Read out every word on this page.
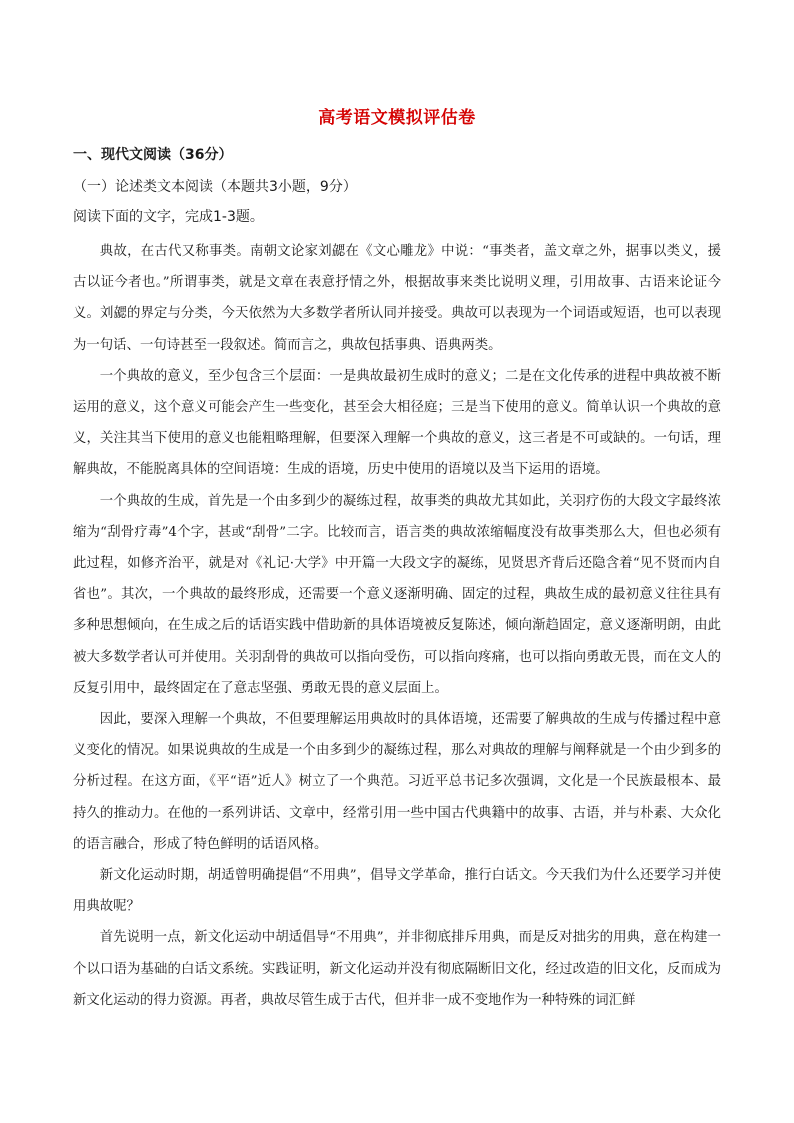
高考语文模拟评估卷
一、现代文阅读（36分）
（一）论述类文本阅读（本题共3小题，9分）
阅读下面的文字，完成1-3题。

典故，在古代又称事类。南朝文论家刘勰在《文心雕龙》中说：“事类者，盖文章之外，据事以类义，援古以证今者也。”所谓事类，就是文章在表意抒情之外，根据故事来类比说明义理，引用故事、古语来论证今义。刘勰的界定与分类，今天依然为大多数学者所认同并接受。典故可以表现为一个词语或短语，也可以表现为一句话、一句诗甚至一段叙述。简而言之，典故包括事典、语典两类。

一个典故的意义，至少包含三个层面：一是典故最初生成时的意义；二是在文化传承的进程中典故被不断运用的意义，这个意义可能会产生一些变化，甚至会大相径庭；三是当下使用的意义。简单认识一个典故的意义，关注其当下使用的意义也能粗略理解，但要深入理解一个典故的意义，这三者是不可或缺的。一句话，理解典故，不能脱离具体的空间语境：生成的语境，历史中使用的语境以及当下运用的语境。

一个典故的生成，首先是一个由多到少的凝练过程，故事类的典故尤其如此，关羽疗伤的大段文字最终浓缩为“刮骨疗毒”4个字，甚或“刮骨”二字。比较而言，语言类的典故浓缩幅度没有故事类那么大，但也必须有此过程，如修齐治平，就是对《礼记·大学》中开篇一大段文字的凝练，见贤思齐背后还隐含着“见不贤而内自省也”。其次，一个典故的最终形成，还需要一个意义逐渐明确、固定的过程，典故生成的最初意义往往具有多种思想倾向，在生成之后的话语实践中借助新的具体语境被反复陈述，倾向渐趋固定，意义逐渐明朗，由此被大多数学者认可并使用。关羽刮骨的典故可以指向受伤，可以指向疼痛，也可以指向勇敢无畏，而在文人的反复引用中，最终固定在了意志坚强、勇敢无畏的意义层面上。

因此，要深入理解一个典故，不但要理解运用典故时的具体语境，还需要了解典故的生成与传播过程中意义变化的情况。如果说典故的生成是一个由多到少的凝练过程，那么对典故的理解与阐释就是一个由少到多的分析过程。在这方面，《平“语”近人》树立了一个典范。习近平总书记多次强调，文化是一个民族最根本、最持久的推动力。在他的一系列讲话、文章中，经常引用一些中国古代典籍中的故事、古语，并与朴素、大众化的语言融合，形成了特色鲜明的话语风格。

新文化运动时期，胡适曾明确提倡“不用典”，倡导文学革命，推行白话文。今天我们为什么还要学习并使用典故呢？

首先说明一点，新文化运动中胡适倡导“不用典”，并非彻底排斥用典，而是反对拙劣的用典，意在构建一个以口语为基础的白话文系统。实践证明，新文化运动并没有彻底隔断旧文化，经过改造的旧文化，反而成为新文化运动的得力资源。再者，典故尽管生成于古代，但并非一成不变地作为一种特殊的词汇鲜
